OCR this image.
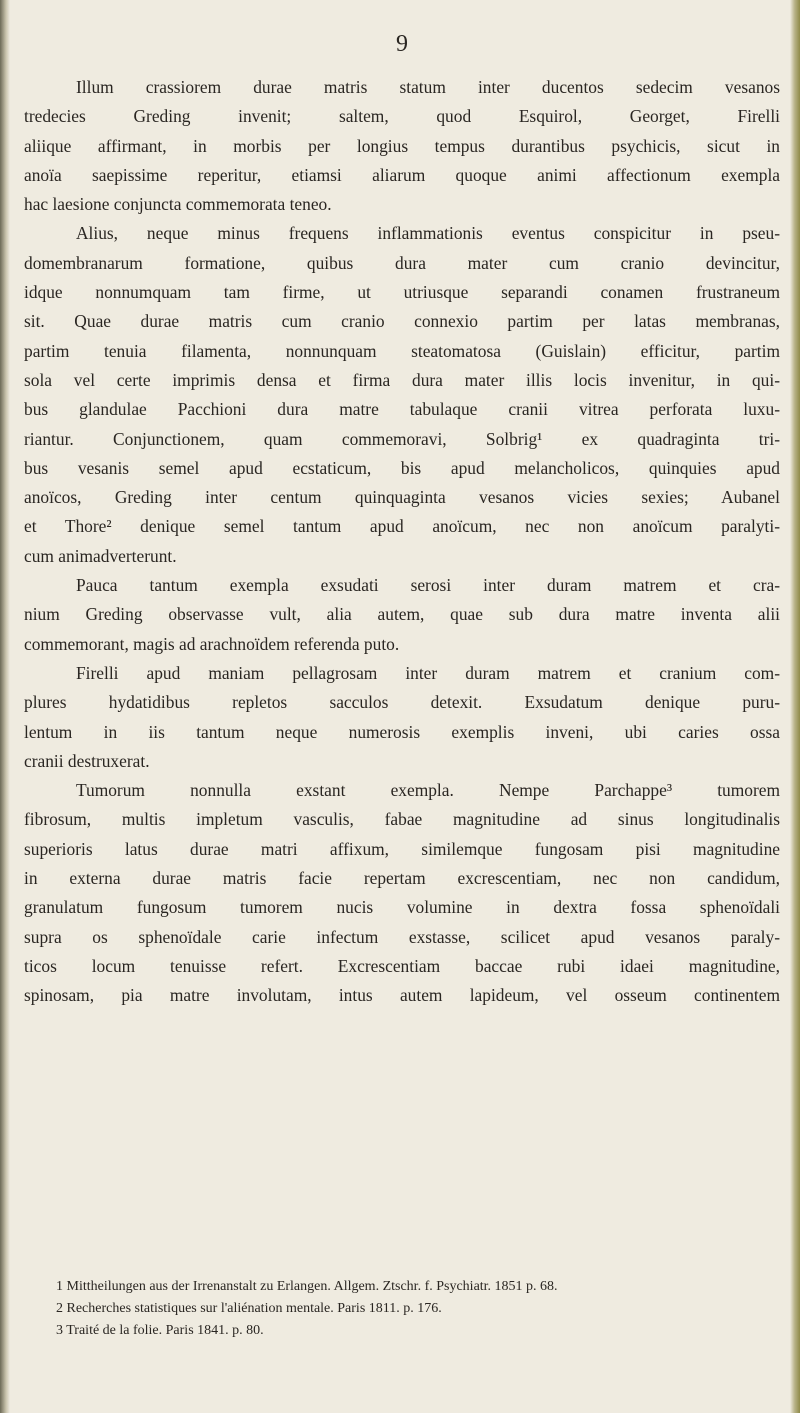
9

Illum crassiorem durae matris statum inter ducentos sedecim vesanos
tredecies Greding invenit; saltem, quod Esquirol, Georget, Firelli
aliique affirmant, in morbis per longius tempus durantibus psychicis, sicut in
anoïa saepissime reperitur, etiamsi aliarum quoque animi affectionum exempla
hac laesione conjuncta commemorata teneo.

Alius, neque minus frequens inflammationis eventus conspicitur in pseu-
domembranarum formatione, quibus dura mater cum cranio devincitur,
idque nonnumquam tam firme, ut utriusque separandi conamen frustraneum
sit. Quae durae matris cum cranio connexio partim per latas membranas,
partim tenuia filamenta, nonnunquam steatomatosa (Guislain) efficitur, partim
sola vel certe imprimis densa et firma dura mater illis locis invenitur, in qui-
bus glandulae Pacchioni dura matre tabulaque cranii vitrea perforata luxu-
riantur. Conjunctionem, quam commemoravi, Solbrig¹ ex quadraginta tri-
bus vesanis semel apud ecstaticum, bis apud melancholicos, quinquies apud
anoïcos, Greding inter centum quinquaginta vesanos vicies sexies; Aubanel
et Thore² denique semel tantum apud anoïcum, nec non anoïcum paralyti-
cum animadverterunt.

Pauca tantum exempla exsudati serosi inter duram matrem et cra-
nium Greding observasse vult, alia autem, quae sub dura matre inventa alii
commemorant, magis ad arachnoïdem referenda puto.

Firelli apud maniam pellagrosam inter duram matrem et cranium com-
plures hydatidibus repletos sacculos detexit. Exsudatum denique puru-
lentum in iis tantum neque numerosis exemplis inveni, ubi caries ossa
cranii destruxerat.

Tumorum nonnulla exstant exempla. Nempe Parchappe³ tumorem
fibrosum, multis impletum vasculis, fabae magnitudine ad sinus longitudinalis
superioris latus durae matri affixum, similemque fungosam pisi magnitudine
in externa durae matris facie repertam excrescentiam, nec non candidum,
granulatum fungosum tumorem nucis volumine in dextra fossa sphenoïdali
supra os sphenoïdale carie infectum exstasse, scilicet apud vesanos paraly-
ticos locum tenuisse refert. Excrescentiam baccae rubi idaei magnitudine,
spinosam, pia matre involutam, intus autem lapideum, vel osseum continentem

1 Mittheilungen aus der Irrenanstalt zu Erlangen. Allgem. Ztschr. f. Psychiatr. 1851 p. 68.
2 Recherches statistiques sur l'aliénation mentale. Paris 1811. p. 176.
3 Traité de la folie. Paris 1841. p. 80.
